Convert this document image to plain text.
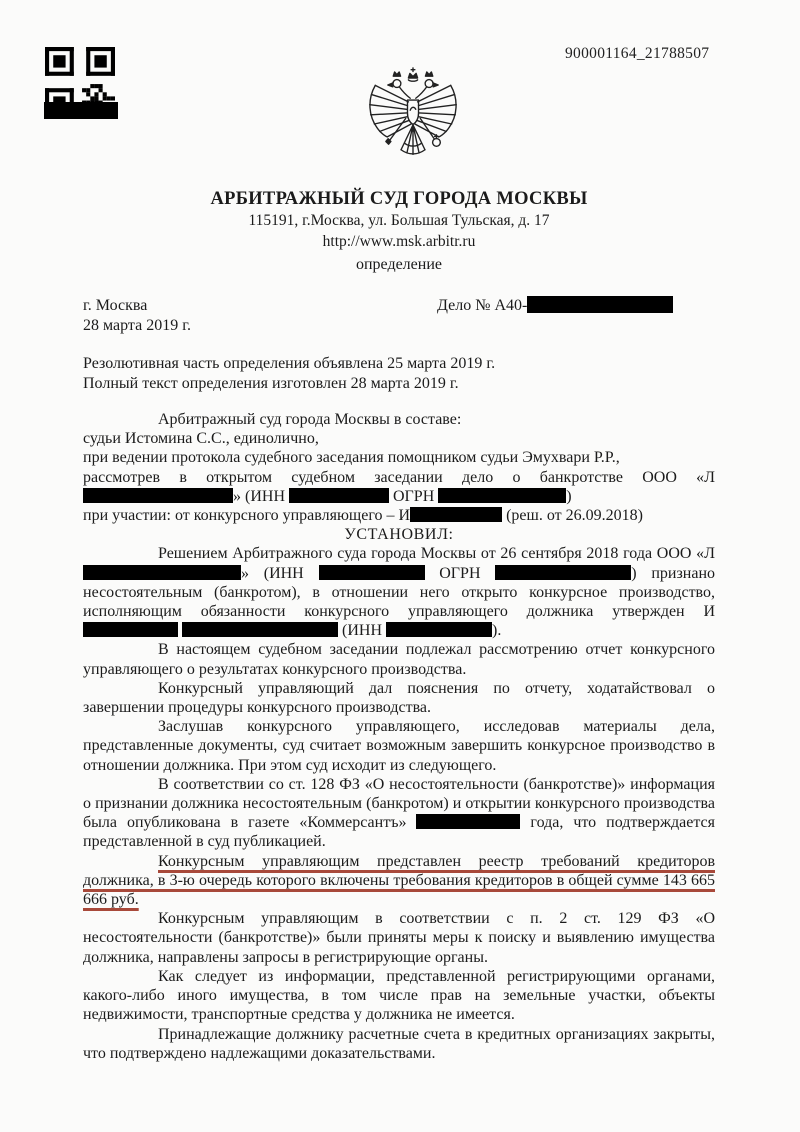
900001164_21788507
АРБИТРАЖНЫЙ СУД ГОРОДА МОСКВЫ
115191, г.Москва, ул. Большая Тульская, д. 17
http://www.msk.arbitr.ru
определение
г. Москва
28 марта 2019 г.
Дело № А40-
Резолютивная часть определения объявлена 25 марта 2019 г.
Полный текст определения изготовлен 28 марта 2019 г.

Арбитражный суд города Москвы в составе:

судьи Истомина С.С., единолично,

при ведении протокола судебного заседания помощником судьи Эмухвари Р.Р.,

рассмотрев в открытом судебном заседании дело о банкротстве ООО «Л» (ИНН	ОГРН	)

при участии: от конкурсного управляющего – И	(реш. от 26.09.2018)

УСТАНОВИЛ:

Решением Арбитражного суда города Москвы от 26 сентября 2018 года ООО «Л» (ИНН	ОГРН	) признано несостоятельным (банкротом), в отношении него открыто конкурсное производство, исполняющим обязанности конкурсного управляющего должника утвержден И  (ИНН	).

В настоящем судебном заседании подлежал рассмотрению отчет конкурсного управляющего о результатах конкурсного производства.

Конкурсный управляющий дал пояснения по отчету, ходатайствовал о завершении процедуры конкурсного производства.

Заслушав конкурсного управляющего, исследовав материалы дела, представленные документы, суд считает возможным завершить конкурсное производство в отношении должника. При этом суд исходит из следующего.

В соответствии со ст. 128 ФЗ «О несостоятельности (банкротстве)» информация о признании должника несостоятельным (банкротом) и открытии конкурсного производства была опубликована в газете «Коммерсантъ»	года, что подтверждается представленной в суд публикацией.

Конкурсным управляющим представлен реестр требований кредиторов должника, в 3-ю очередь которого включены требования кредиторов в общей сумме 143 665 666 руб.

Конкурсным управляющим в соответствии с п. 2 ст. 129 ФЗ «О несостоятельности (банкротстве)» были приняты меры к поиску и выявлению имущества должника, направлены запросы в регистрирующие органы.

Как следует из информации, представленной регистрирующими органами, какого-либо иного имущества, в том числе прав на земельные участки, объекты недвижимости, транспортные средства у должника не имеется.

Принадлежащие должнику расчетные счета в кредитных организациях закрыты, что подтверждено надлежащими доказательствами.
